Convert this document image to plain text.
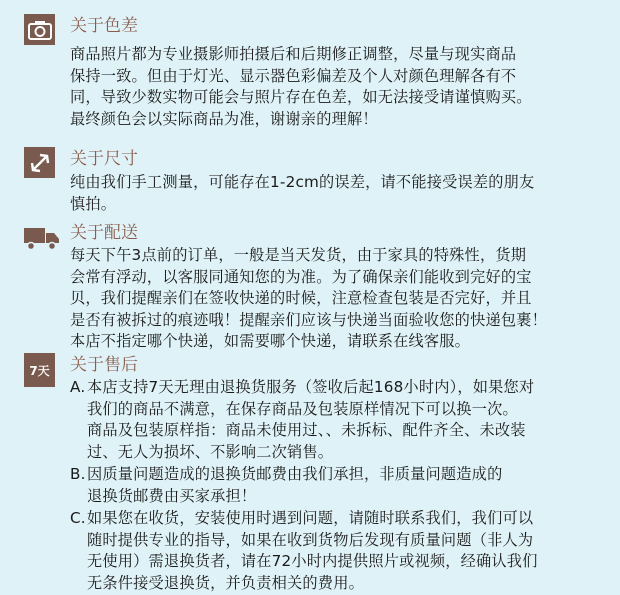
关于色差
商品照片都为专业摄影师拍摄后和后期修正调整，尽量与现实商品
保持一致。但由于灯光、显示器色彩偏差及个人对颜色理解各有不
同，导致少数实物可能会与照片存在色差，如无法接受请谨慎购买。
最终颜色会以实际商品为准，谢谢亲的理解！
关于尺寸
纯由我们手工测量，可能存在1-2cm的误差，请不能接受误差的朋友
慎拍。
关于配送
每天下午3点前的订单，一般是当天发货，由于家具的特殊性，货期
会常有浮动，以客服同通知您的为准。为了确保亲们能收到完好的宝
贝，我们提醒亲们在签收快递的时候，注意检查包装是否完好，并且
是否有被拆过的痕迹哦！提醒亲们应该与快递当面验收您的快递包裹！
本店不指定哪个快递，如需要哪个快递，请联系在线客服。
7天 关于售后
A. 本店支持7天无理由退换货服务（签收后起168小时内），如果您对
我们的商品不满意，在保存商品及包装原样情况下可以换一次。
商品及包装原样指：商品未使用过、、未拆标、配件齐全、未改装
过、无人为损坏、不影响二次销售。
B. 因质量问题造成的退换货邮费由我们承担，非质量问题造成的
退换货邮费由买家承担！
C. 如果您在收货，安装使用时遇到问题，请随时联系我们，我们可以
随时提供专业的指导，如果在收到货物后发现有质量问题（非人为
无使用）需退换货者，请在72小时内提供照片或视频，经确认我们
无条件接受退换货，并负责相关的费用。
